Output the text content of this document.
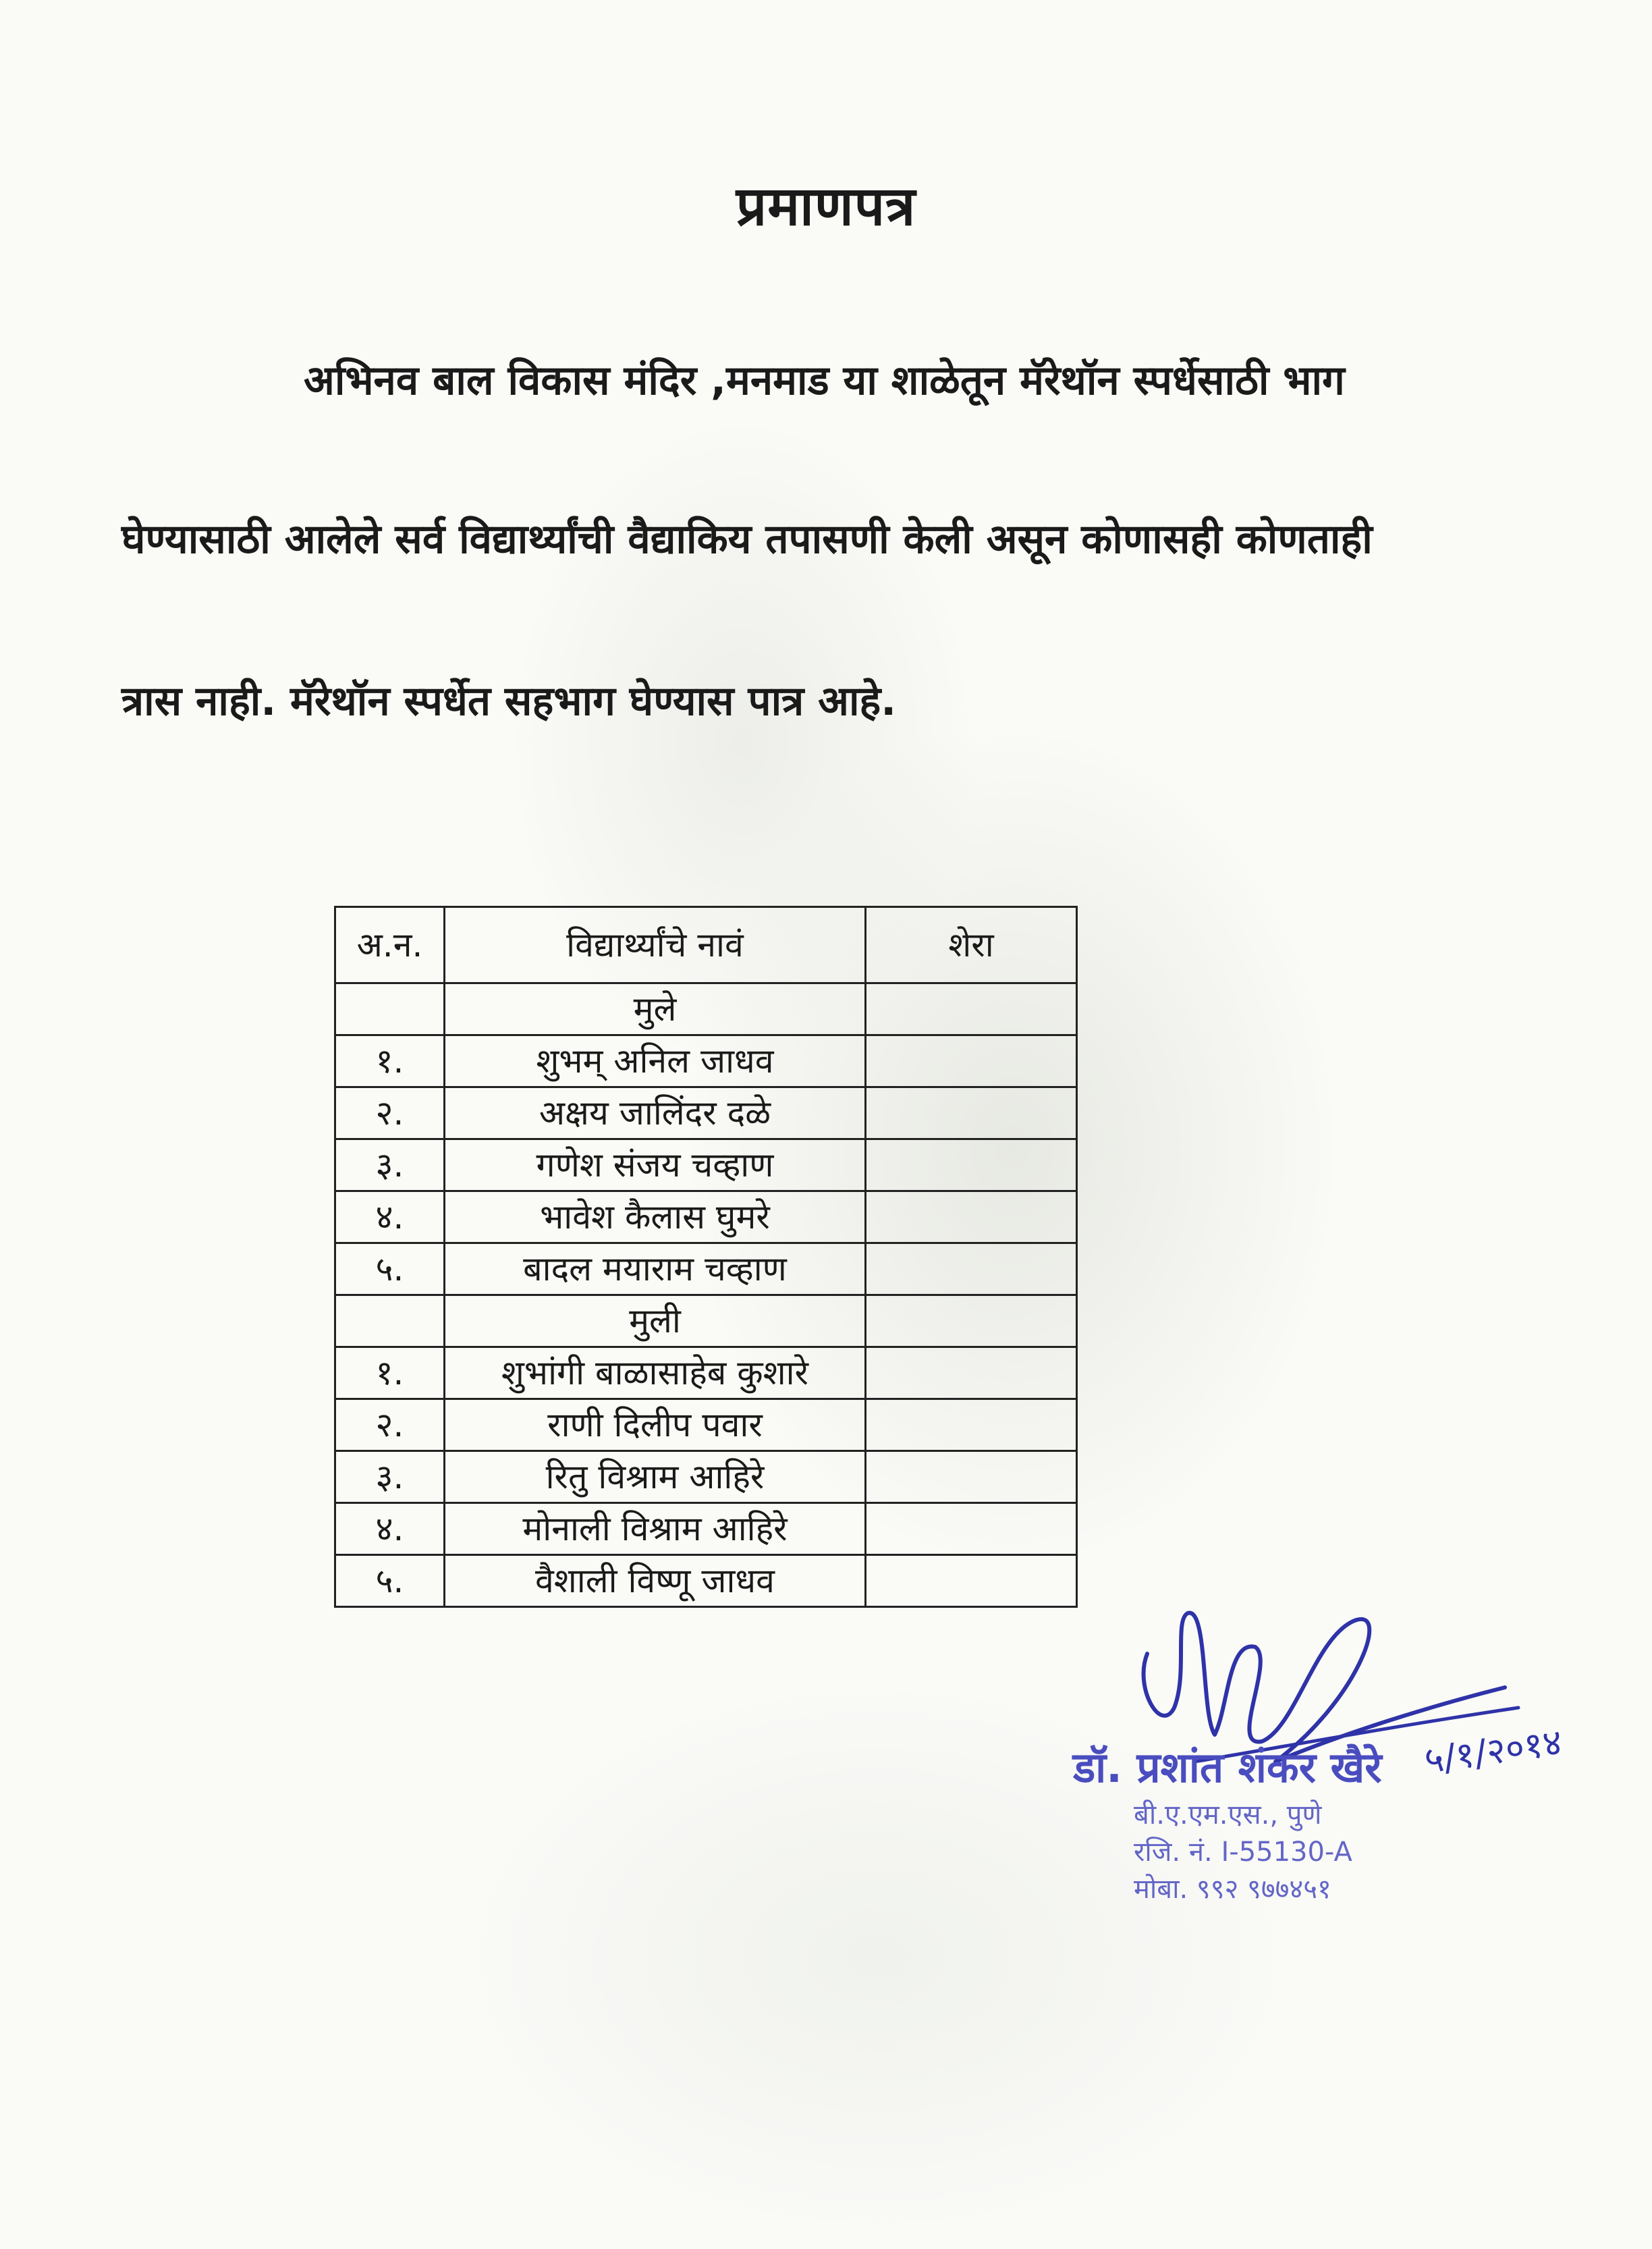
प्रमाणपत्र
अभिनव बाल विकास मंदिर ,मनमाड या शाळेतून मॅरेथॉन स्पर्धेसाठी भाग
घेण्यासाठी आलेले सर्व विद्यार्थ्यांची वैद्याकिय तपासणी केली असून कोणासही कोणताही
त्रास नाही. मॅरेथॉन स्पर्धेत सहभाग घेण्यास पात्र आहे.
अ.न.	विद्यार्थ्यांचे नावं	शेरा
	मुले	
१.	शुभम् अनिल जाधव	
२.	अक्षय जालिंदर दळे	
३.	गणेश संजय चव्हाण	
४.	भावेश कैलास घुमरे	
५.	बादल मयाराम चव्हाण	
	मुली	
१.	शुभांगी बाळासाहेब कुशारे	
२.	राणी दिलीप पवार	
३.	रितु विश्राम आहिरे	
४.	मोनाली विश्राम आहिरे	
५.	वैशाली विष्णू जाधव	
डॉ. प्रशांत शंकर खैरे
बी.ए.एम.एस., पुणे
रजि. नं. I-55130-A
मोबा. ९९२ ९७७४५१
५/१/२०१४
